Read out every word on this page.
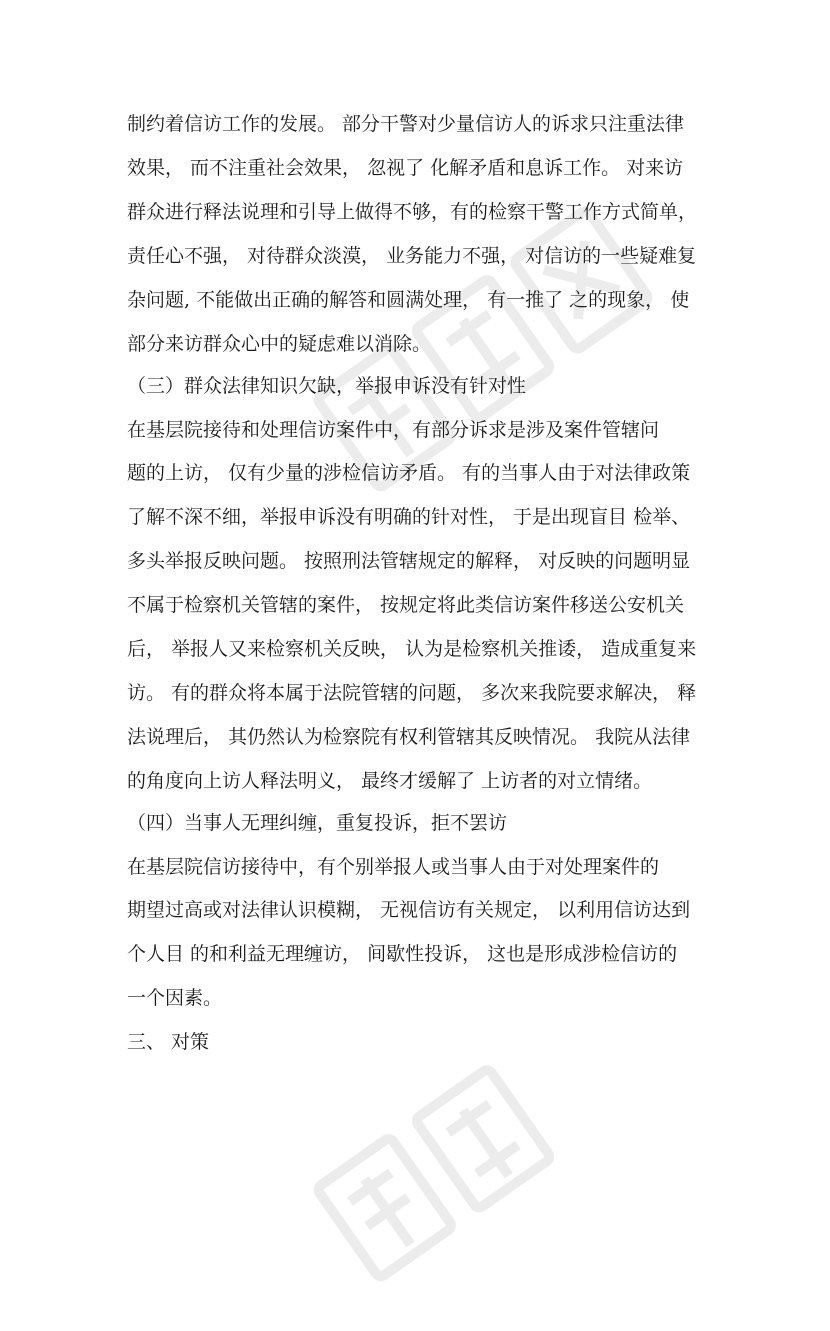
制约着信访工作的发展。 部分干警对少量信访人的诉求只注重法律
效果， 而不注重社会效果， 忽视了 化解矛盾和息诉工作。 对来访
群众进行释法说理和引导上做得不够，有的检察干警工作方式简单，
责任心不强， 对待群众淡漠， 业务能力不强， 对信访的一些疑难复
杂问题, 不能做出正确的解答和圆满处理， 有一推了 之的现象， 使
部分来访群众心中的疑虑难以消除。
（三）群众法律知识欠缺，举报申诉没有针对性
在基层院接待和处理信访案件中，有部分诉求是涉及案件管辖问
题的上访， 仅有少量的涉检信访矛盾。 有的当事人由于对法律政策
了解不深不细，举报申诉没有明确的针对性， 于是出现盲目 检举、
多头举报反映问题。 按照刑法管辖规定的解释， 对反映的问题明显
不属于检察机关管辖的案件， 按规定将此类信访案件移送公安机关
后， 举报人又来检察机关反映， 认为是检察机关推诿， 造成重复来
访。 有的群众将本属于法院管辖的问题， 多次来我院要求解决， 释
法说理后， 其仍然认为检察院有权利管辖其反映情况。 我院从法律
的角度向上访人释法明义， 最终才缓解了 上访者的对立情绪。
（四）当事人无理纠缠，重复投诉，拒不罢访
在基层院信访接待中，有个别举报人或当事人由于对处理案件的
期望过高或对法律认识模糊， 无视信访有关规定， 以利用信访达到
个人目 的和利益无理缠访， 间歇性投诉， 这也是形成涉检信访的
一个因素。
三、 对策
